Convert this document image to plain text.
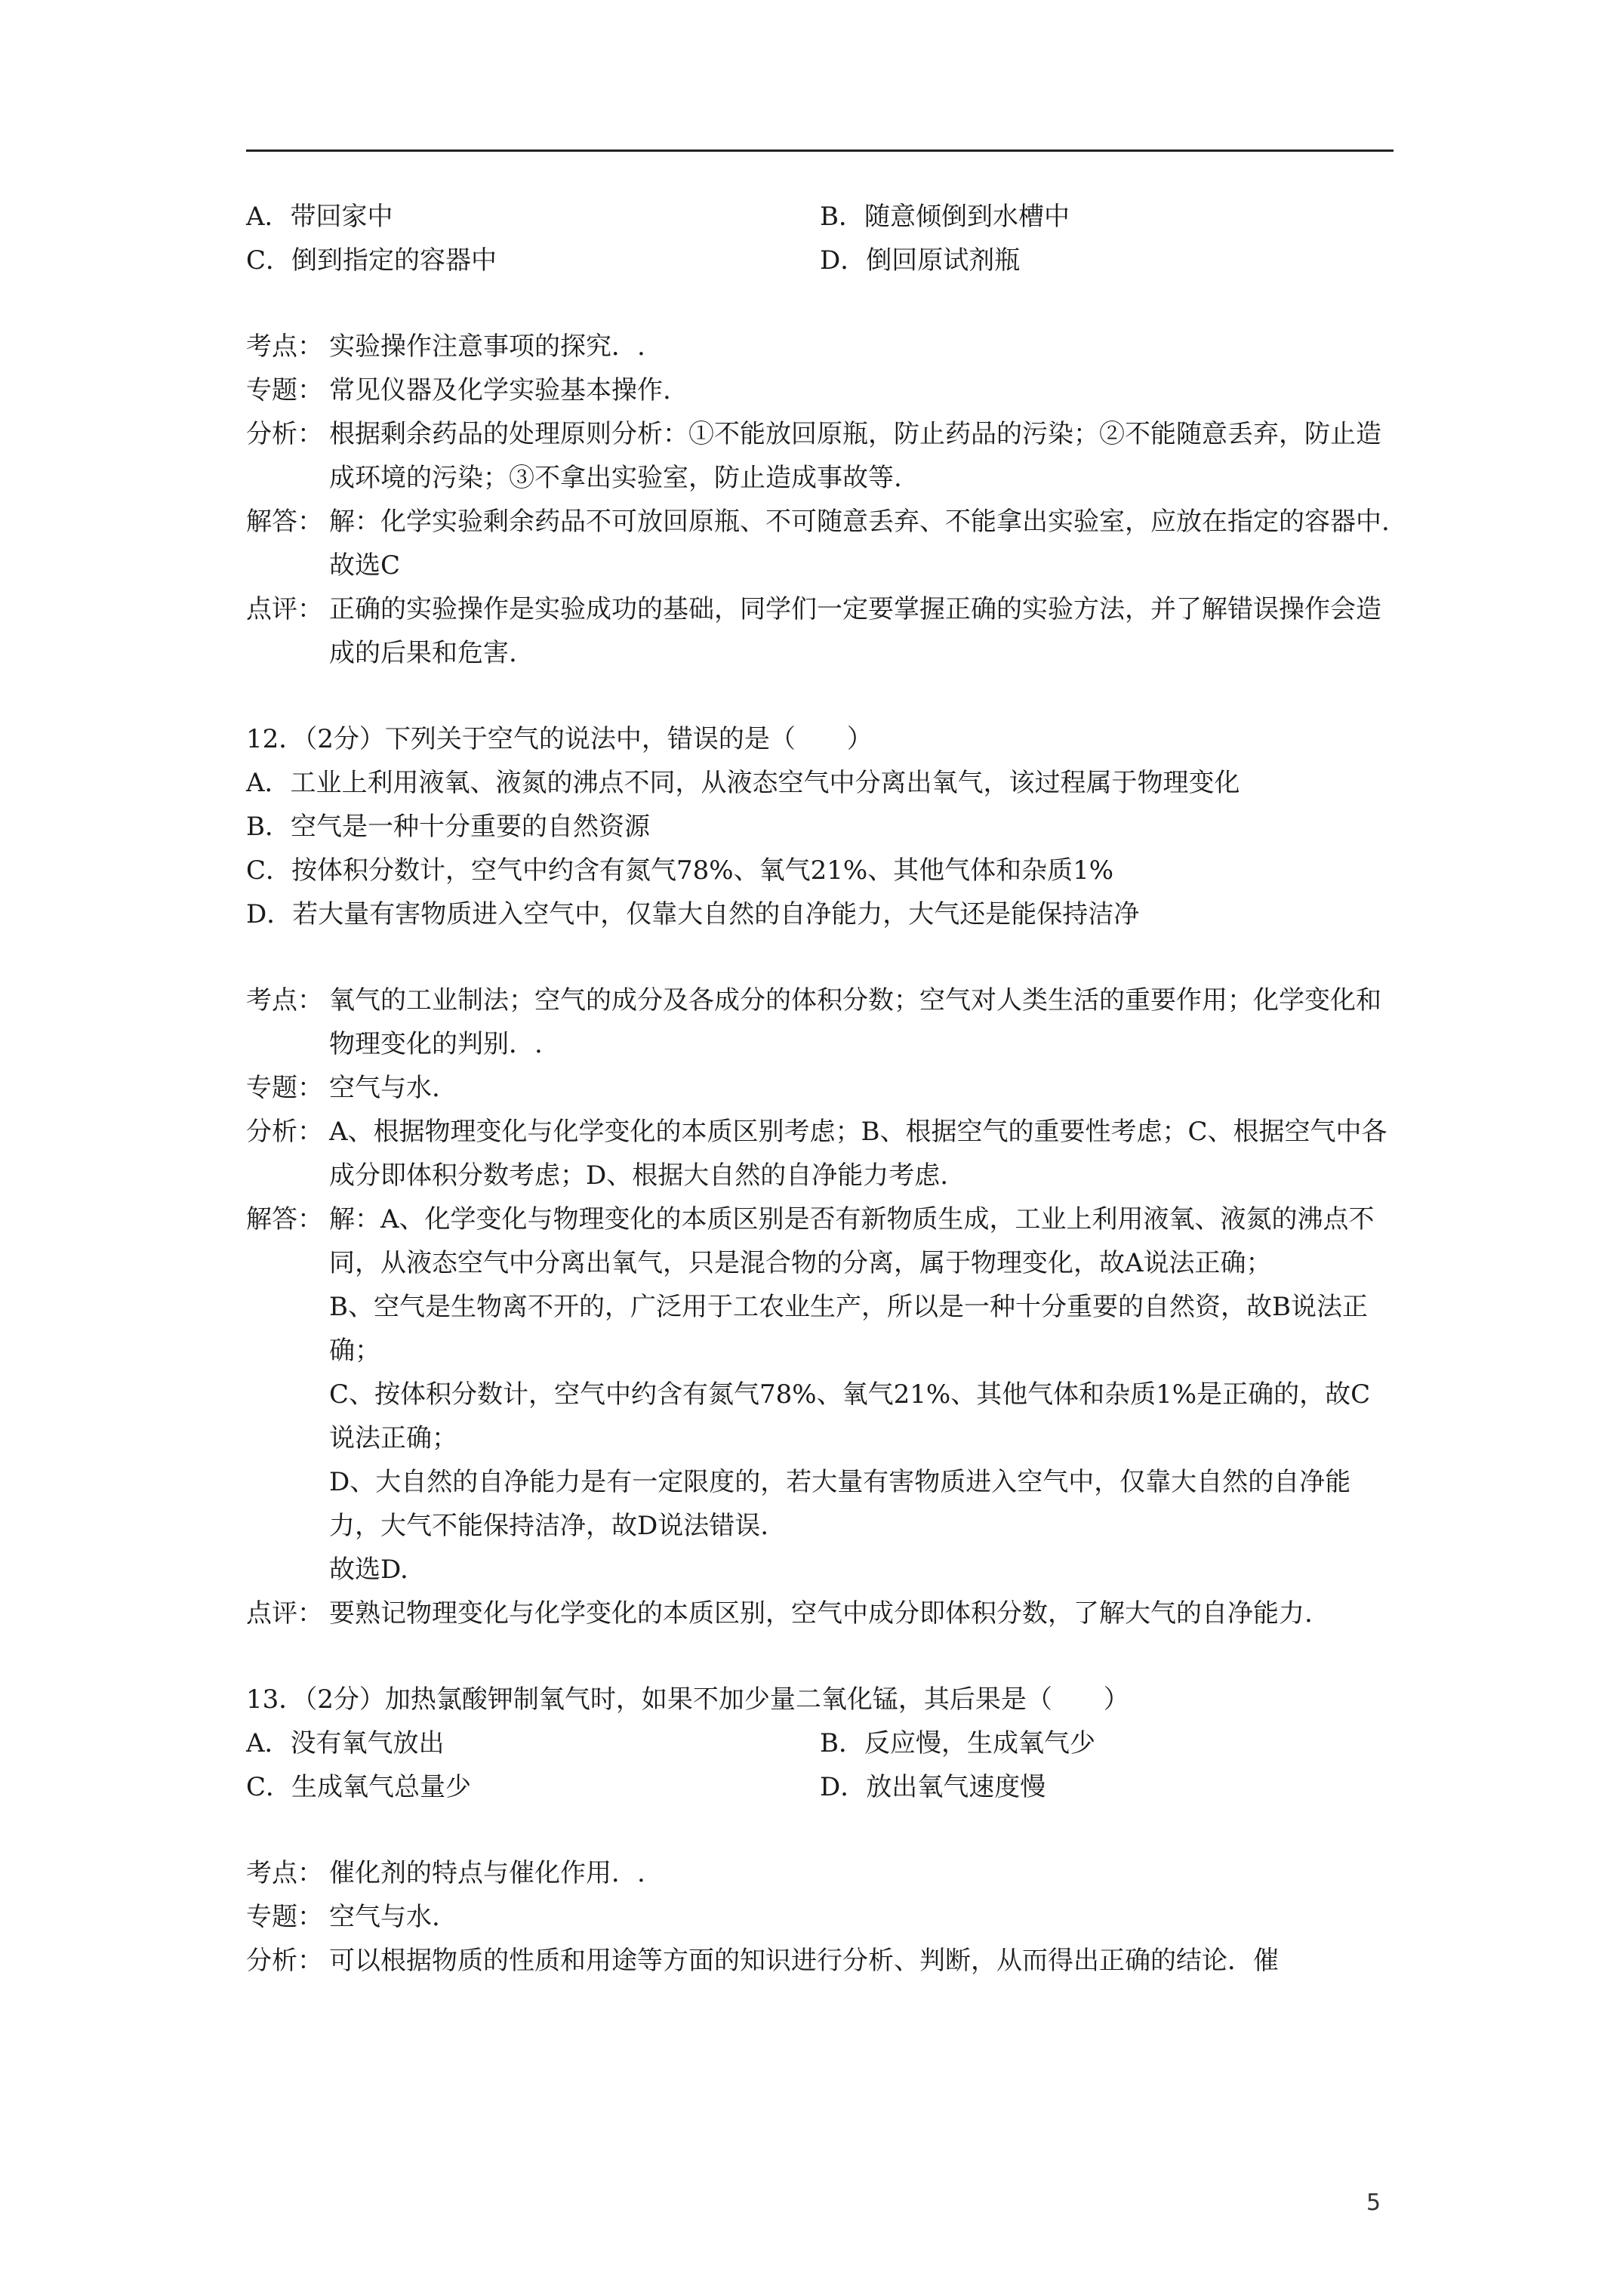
A．带回家中	B．随意倾倒到水槽中
C．倒到指定的容器中	D．倒回原试剂瓶
考点： 实验操作注意事项的探究．.

专题： 常见仪器及化学实验基本操作.

分析： 根据剩余药品的处理原则分析：①不能放回原瓶，防止药品的污染；②不能随意丢弃，防止造成环境的污染；③不拿出实验室，防止造成事故等.

解答： 解：化学实验剩余药品不可放回原瓶、不可随意丢弃、不能拿出实验室，应放在指定的容器中.

故选C

点评： 正确的实验操作是实验成功的基础，同学们一定要掌握正确的实验方法，并了解错误操作会造成的后果和危害.

12．（2分）下列关于空气的说法中，错误的是（　　）
A．工业上利用液氧、液氮的沸点不同，从液态空气中分离出氧气，该过程属于物理变化
B．空气是一种十分重要的自然资源
C．按体积分数计，空气中约含有氮气78%、氧气21%、其他气体和杂质1%
D．若大量有害物质进入空气中，仅靠大自然的自净能力，大气还是能保持洁净
考点： 氧气的工业制法；空气的成分及各成分的体积分数；空气对人类生活的重要作用；化学变化和物理变化的判别．.

专题： 空气与水.

分析： A、根据物理变化与化学变化的本质区别考虑；B、根据空气的重要性考虑；C、根据空气中各成分即体积分数考虑；D、根据大自然的自净能力考虑.

解答： 解：A、化学变化与物理变化的本质区别是否有新物质生成，工业上利用液氧、液氮的沸点不同，从液态空气中分离出氧气，只是混合物的分离，属于物理变化，故A说法正确；

B、空气是生物离不开的，广泛用于工农业生产，所以是一种十分重要的自然资，故B说法正确；

C、按体积分数计，空气中约含有氮气78%、氧气21%、其他气体和杂质1%是正确的，故C说法正确；

D、大自然的自净能力是有一定限度的，若大量有害物质进入空气中，仅靠大自然的自净能力，大气不能保持洁净，故D说法错误.

故选D.

点评： 要熟记物理变化与化学变化的本质区别，空气中成分即体积分数，了解大气的自净能力.

13．（2分）加热氯酸钾制氧气时，如果不加少量二氧化锰，其后果是（　　）
A．没有氧气放出	B．反应慢，生成氧气少
C．生成氧气总量少	D．放出氧气速度慢
考点： 催化剂的特点与催化作用．.

专题： 空气与水.

分析： 可以根据物质的性质和用途等方面的知识进行分析、判断，从而得出正确的结论．催

5
